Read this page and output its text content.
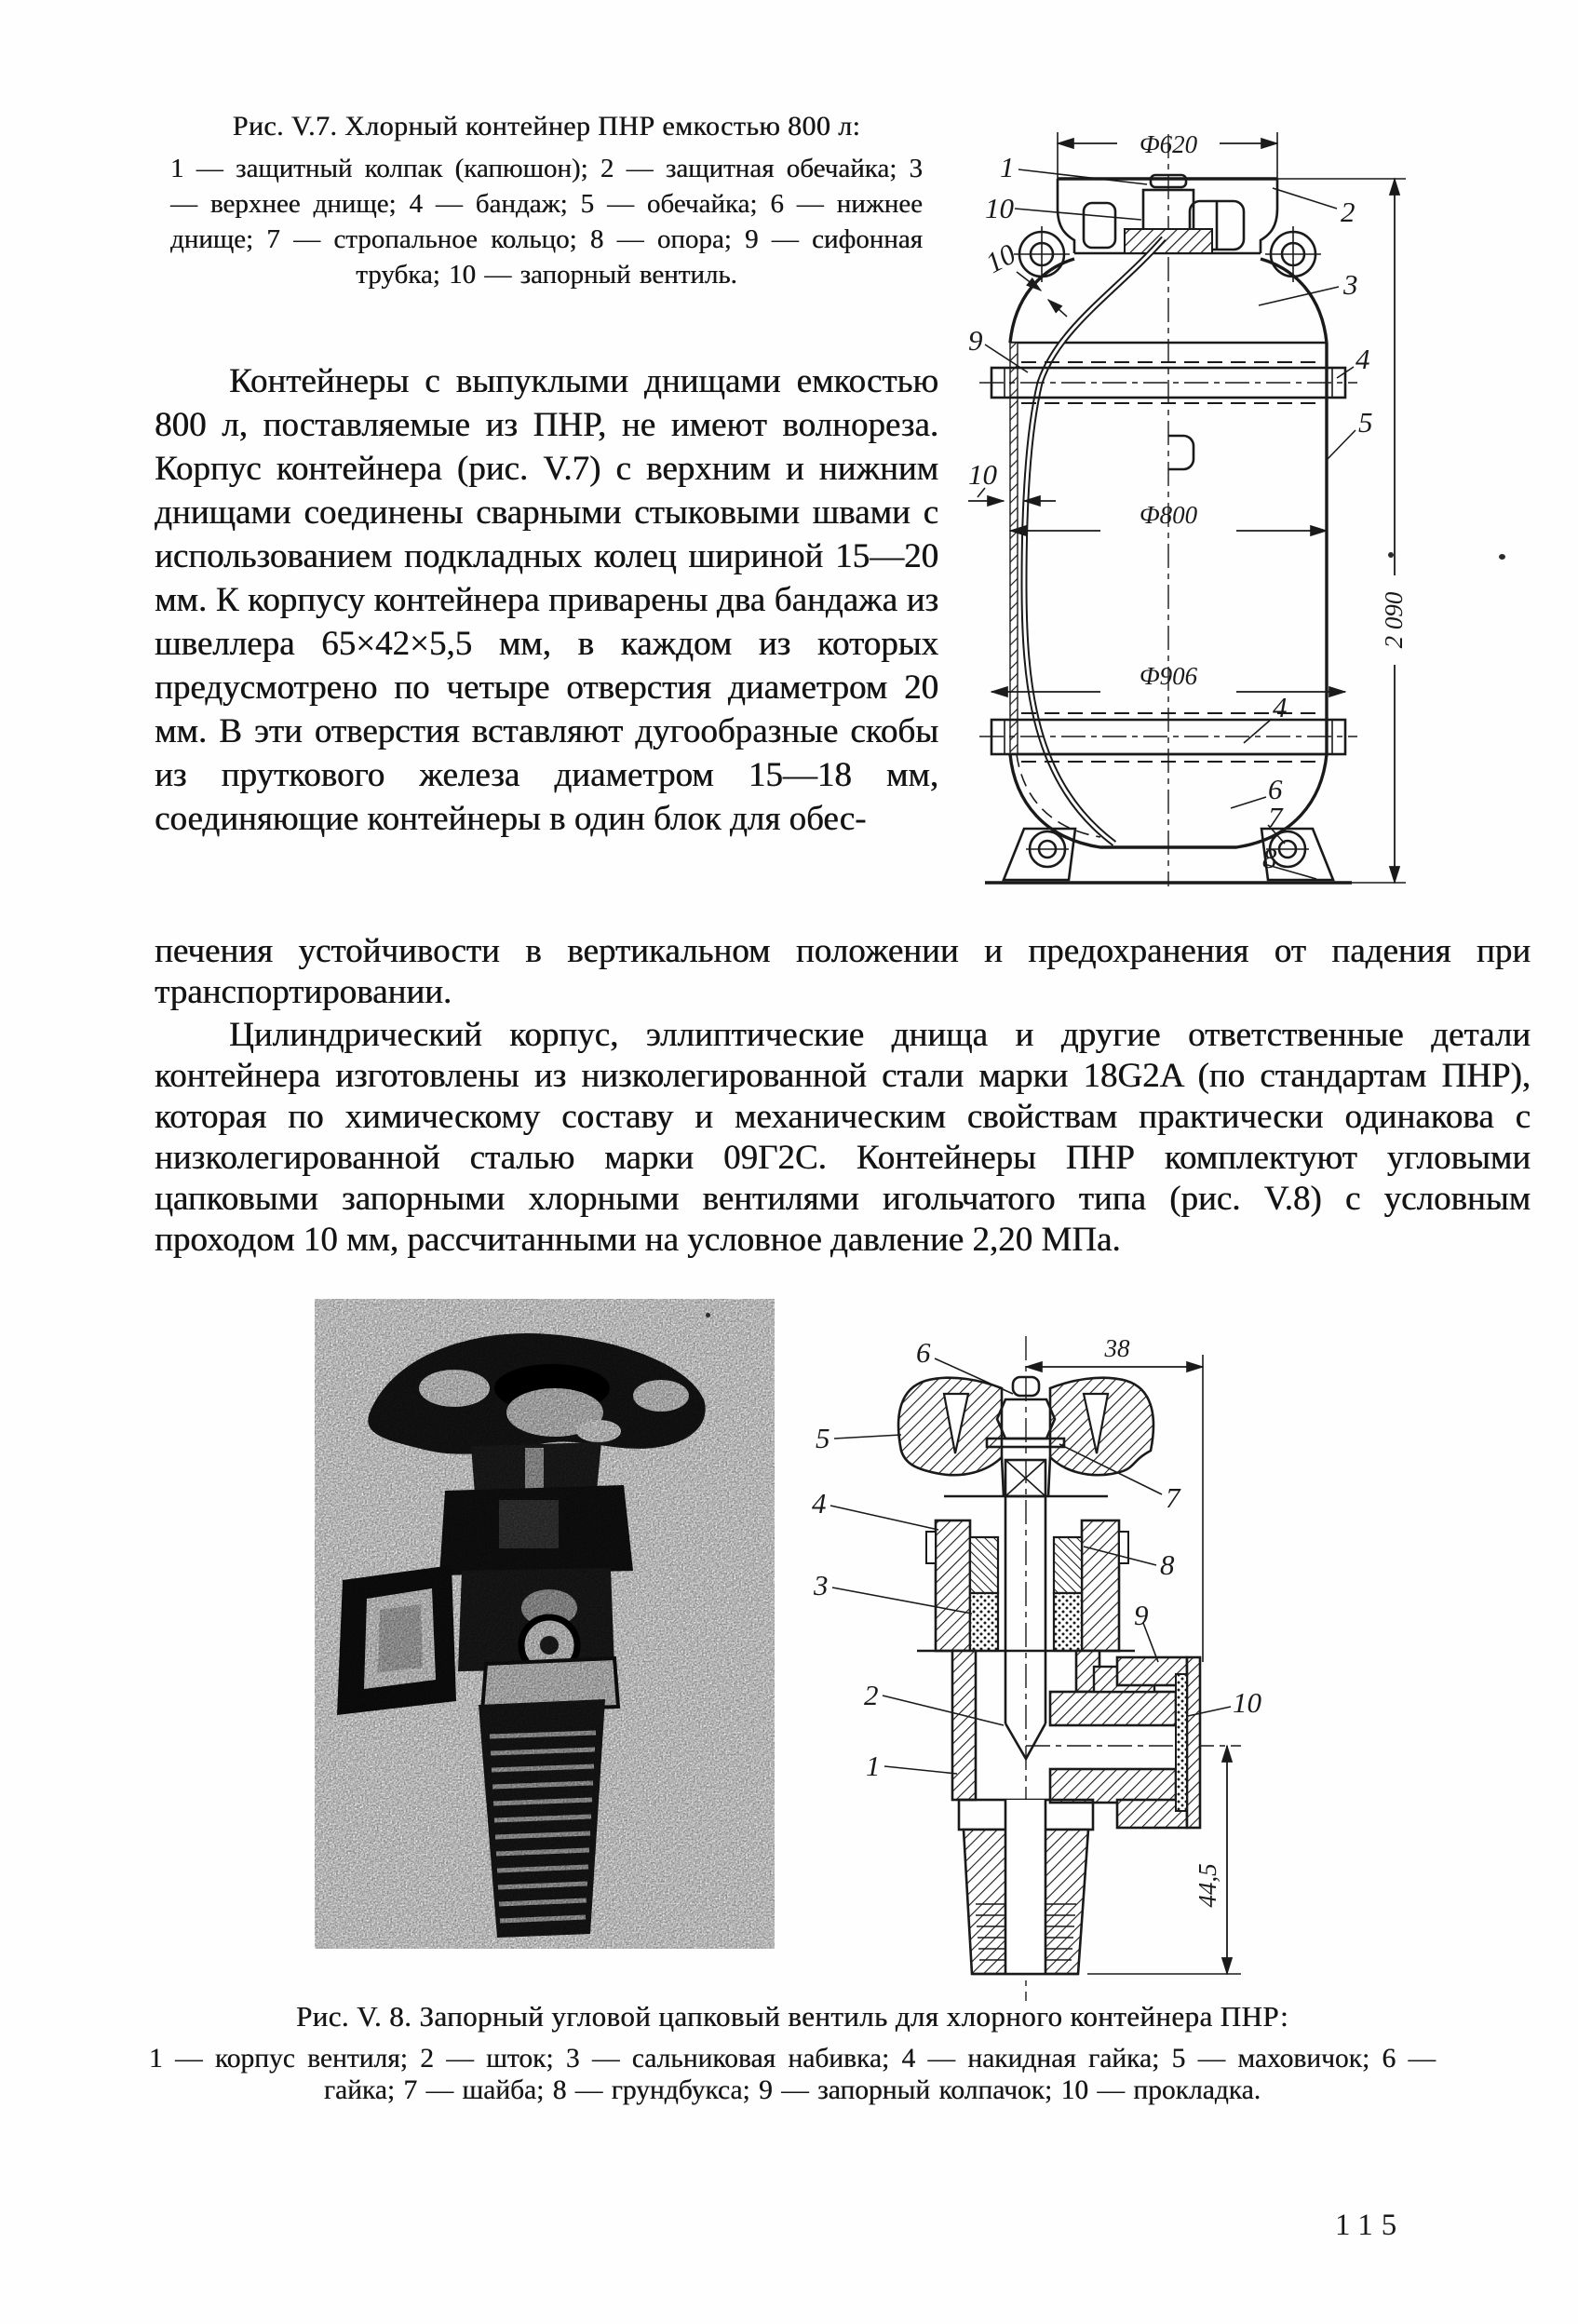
Рис. V.7. Хлорный контейнер ПНР емкостью 800 л:
1 — защитный колпак (капюшон); 2 — защитная обечайка; 3 — верхнее днище; 4 — бандаж; 5 — обечайка; 6 — нижнее днище; 7 — стропальное кольцо; 8 — опора; 9 — сифонная трубка; 10 — запорный вентиль.
Ф620
Ф800
Ф906
2 090
10
1
10
10
2
3
9
4
5
4
6
7
8
Контейнеры с выпуклыми днищами емкостью 800 л, поставляемые из ПНР, не имеют волнореза. Корпус контейнера (рис. V.7) с верхним и нижним днищами соединены сварными стыковыми швами с использованием подкладных колец шириной 15—20 мм. К корпусу контейнера приварены два бандажа из швеллера 65×42×5,5 мм, в каждом из которых предусмотрено по четыре отверстия диаметром 20 мм. В эти отверстия вставляют дугообразные скобы из пруткового железа диаметром 15—18 мм, соединяющие контейнеры в один блок для обес-
печения устойчивости в вертикальном положении и предохранения от падения при транспортировании.
Цилиндрический корпус, эллиптические днища и другие ответственные детали контейнера изготовлены из низколегированной стали марки 18G2A (по стандартам ПНР), которая по химическому составу и механическим свойствам практически одинакова с низколегированной сталью марки 09Г2С. Контейнеры ПНР комплектуют угловыми цапковыми запорными хлорными вентилями игольчатого типа (рис. V.8) с условным проходом 10 мм, рассчитанными на условное давление 2,20 МПа.
38
44,5
6
5
7
4
8
3
9
2	10
1
Рис. V. 8. Запорный угловой цапковый вентиль для хлорного контейнера ПНР:
1 — корпус вентиля; 2 — шток; 3 — сальниковая набивка; 4 — накидная гайка; 5 — маховичок; 6 — гайка; 7 — шайба; 8 — грундбукса; 9 — запорный колпачок; 10 — прокладка.
115
